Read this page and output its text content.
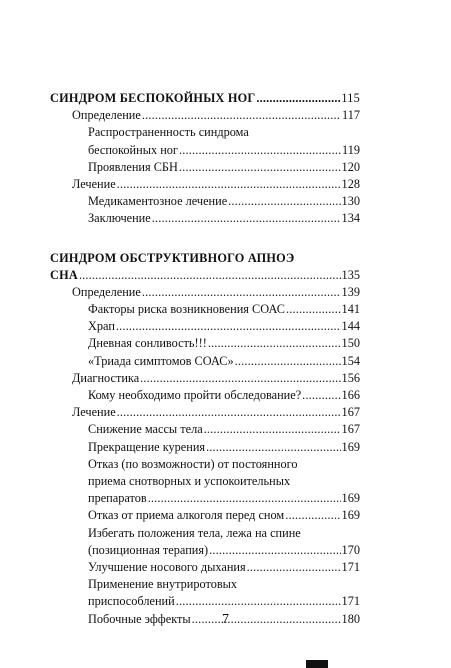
СИНДРОМ БЕСПОКОЙНЫХ НОГ . . .	115
Определение . . .	117
Распространенность синдрома
беспокойных ног . . .	119
Проявления СБН . . .	120
Лечение . . .	128
Медикаментозное лечение . . .	130
Заключение . . .	134
СИНДРОМ ОБСТРУКТИВНОГО АПНОЭ
СНА . . .	135
Определение . . .	139
Факторы риска возникновения СОАС . . .	141
Храп . . .	144
Дневная сонливость!!! . . .	150
«Триада симптомов СОАС» . . .	154
Диагностика . . .	156
Кому необходимо пройти обследование? . . .	166
Лечение . . .	167
Снижение массы тела . . .	167
Прекращение курения . . .	169
Отказ (по возможности) от постоянного
приема снотворных и успокоительных
препаратов . . .	169
Отказ от приема алкоголя перед сном . . .	169
Избегать положения тела, лежа на спине
(позиционная терапия) . . .	170
Улучшение носового дыхания . . .	171
Применение внутриротовых
приспособлений . . .	171
Побочные эффекты . . .	180
7
